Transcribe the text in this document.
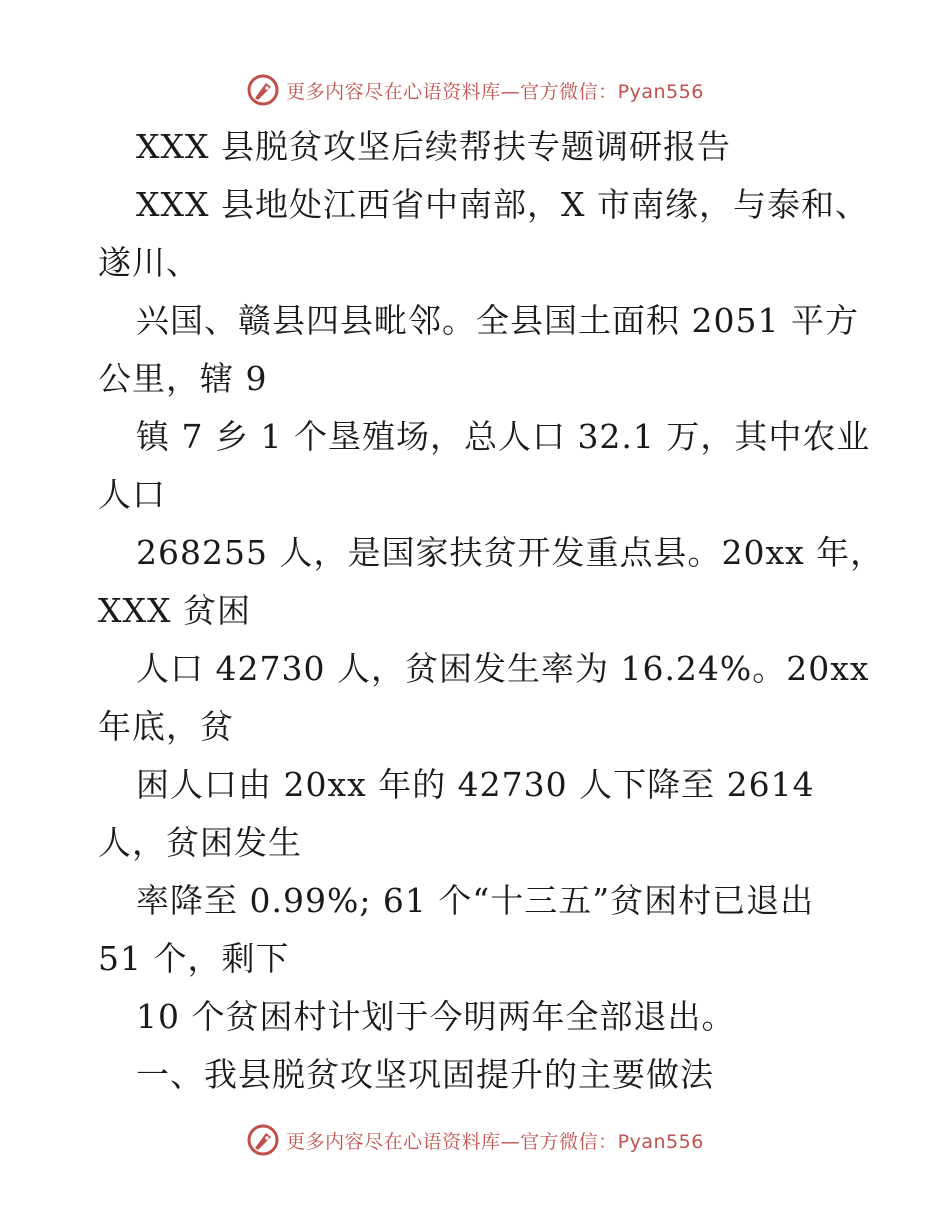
更多内容尽在心语资料库—官方微信：Pyan556
XXX 县脱贫攻坚后续帮扶专题调研报告
XXX 县地处江西省中南部，X 市南缘，与泰和、
遂川、
兴国、赣县四县毗邻。全县国土面积 2051 平方
公里，辖 9
镇 7 乡 1 个垦殖场，总人口 32.1 万，其中农业
人口
268255 人，是国家扶贫开发重点县。20xx 年，
XXX 贫困
人口 42730 人，贫困发生率为 16.24%。20xx
年底，贫
困人口由 20xx 年的 42730 人下降至 2614
人，贫困发生
率降至 0.99%; 61 个“十三五”贫困村已退出
51 个，剩下
10 个贫困村计划于今明两年全部退出。
一、我县脱贫攻坚巩固提升的主要做法
更多内容尽在心语资料库—官方微信：Pyan556
